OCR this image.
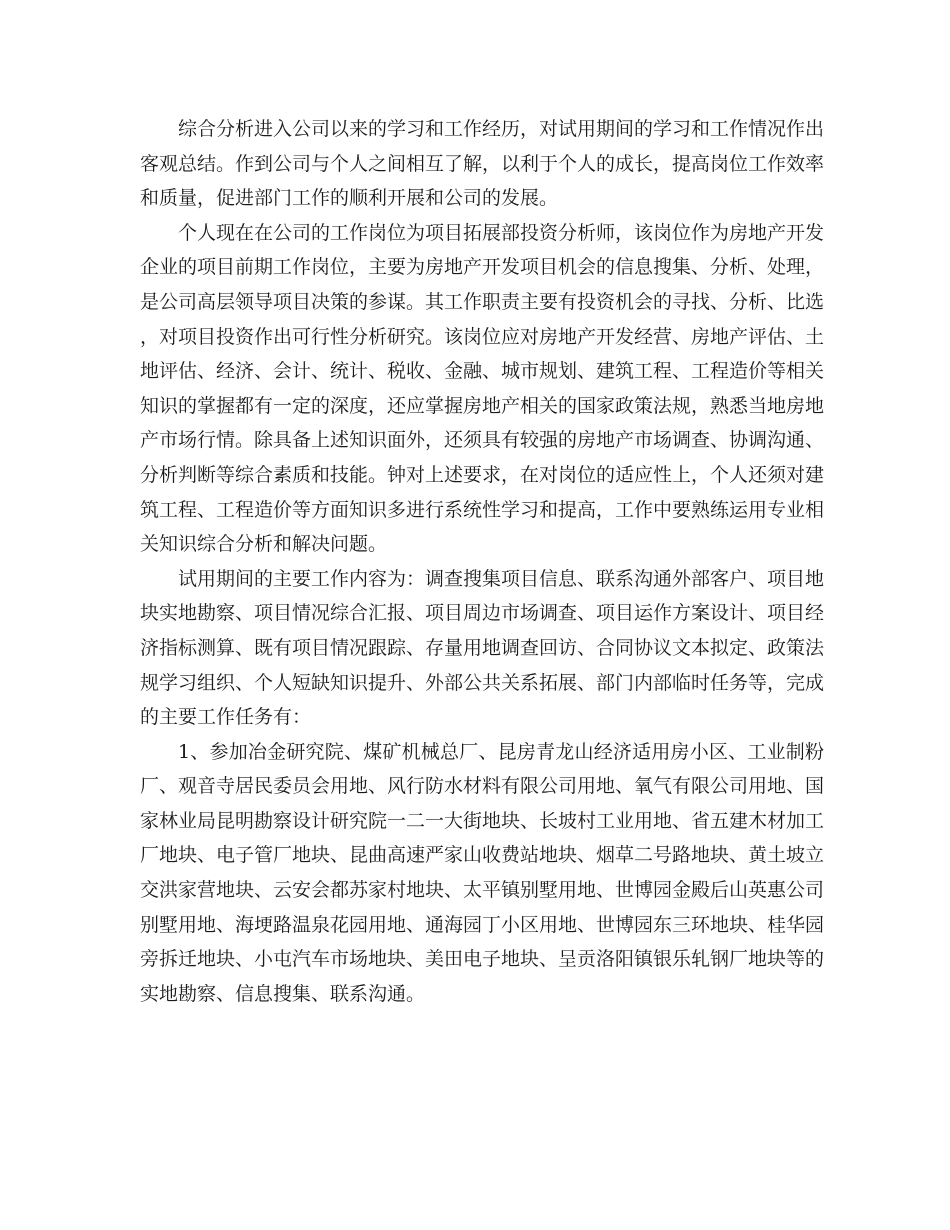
综合分析进入公司以来的学习和工作经历，对试用期间的学习和工作情况作出客观总结。作到公司与个人之间相互了解，以利于个人的成长，提高岗位工作效率和质量，促进部门工作的顺利开展和公司的发展。

个人现在在公司的工作岗位为项目拓展部投资分析师，该岗位作为房地产开发企业的项目前期工作岗位，主要为房地产开发项目机会的信息搜集、分析、处理，是公司高层领导项目决策的参谋。其工作职责主要有投资机会的寻找、分析、比选，对项目投资作出可行性分析研究。该岗位应对房地产开发经营、房地产评估、土地评估、经济、会计、统计、税收、金融、城市规划、建筑工程、工程造价等相关知识的掌握都有一定的深度，还应掌握房地产相关的国家政策法规，熟悉当地房地产市场行情。除具备上述知识面外，还须具有较强的房地产市场调查、协调沟通、分析判断等综合素质和技能。钟对上述要求，在对岗位的适应性上，个人还须对建筑工程、工程造价等方面知识多进行系统性学习和提高，工作中要熟练运用专业相关知识综合分析和解决问题。

试用期间的主要工作内容为：调查搜集项目信息、联系沟通外部客户、项目地块实地勘察、项目情况综合汇报、项目周边市场调查、项目运作方案设计、项目经济指标测算、既有项目情况跟踪、存量用地调查回访、合同协议文本拟定、政策法规学习组织、个人短缺知识提升、外部公共关系拓展、部门内部临时任务等，完成的主要工作任务有：

1、参加冶金研究院、煤矿机械总厂、昆房青龙山经济适用房小区、工业制粉厂、观音寺居民委员会用地、风行防水材料有限公司用地、氧气有限公司用地、国家林业局昆明勘察设计研究院一二一大街地块、长坡村工业用地、省五建木材加工厂地块、电子管厂地块、昆曲高速严家山收费站地块、烟草二号路地块、黄土坡立交洪家营地块、云安会都苏家村地块、太平镇别墅用地、世博园金殿后山英惠公司别墅用地、海埂路温泉花园用地、通海园丁小区用地、世博园东三环地块、桂华园旁拆迁地块、小屯汽车市场地块、美田电子地块、呈贡洛阳镇银乐轧钢厂地块等的实地勘察、信息搜集、联系沟通。
